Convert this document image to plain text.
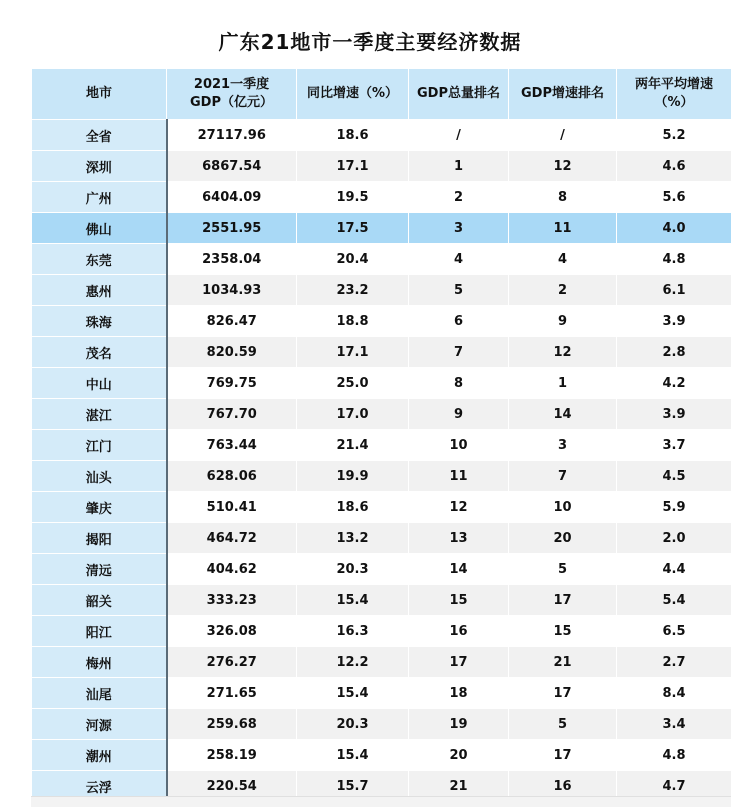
广东21地市一季度主要经济数据
地市	2021一季度
GDP（亿元）	同比增速（%）	GDP总量排名	GDP增速排名	两年平均增速
（%）

全省	27117.96	18.6	/	/	5.2
深圳	6867.54	17.1	1	12	4.6
广州	6404.09	19.5	2	8	5.6
佛山	2551.95	17.5	3	11	4.0
东莞	2358.04	20.4	4	4	4.8
惠州	1034.93	23.2	5	2	6.1
珠海	826.47	18.8	6	9	3.9
茂名	820.59	17.1	7	12	2.8
中山	769.75	25.0	8	1	4.2
湛江	767.70	17.0	9	14	3.9
江门	763.44	21.4	10	3	3.7
汕头	628.06	19.9	11	7	4.5
肇庆	510.41	18.6	12	10	5.9
揭阳	464.72	13.2	13	20	2.0
清远	404.62	20.3	14	5	4.4
韶关	333.23	15.4	15	17	5.4
阳江	326.08	16.3	16	15	6.5
梅州	276.27	12.2	17	21	2.7
汕尾	271.65	15.4	18	17	8.4
河源	259.68	20.3	19	5	3.4
潮州	258.19	15.4	20	17	4.8
云浮	220.54	15.7	21	16	4.7
